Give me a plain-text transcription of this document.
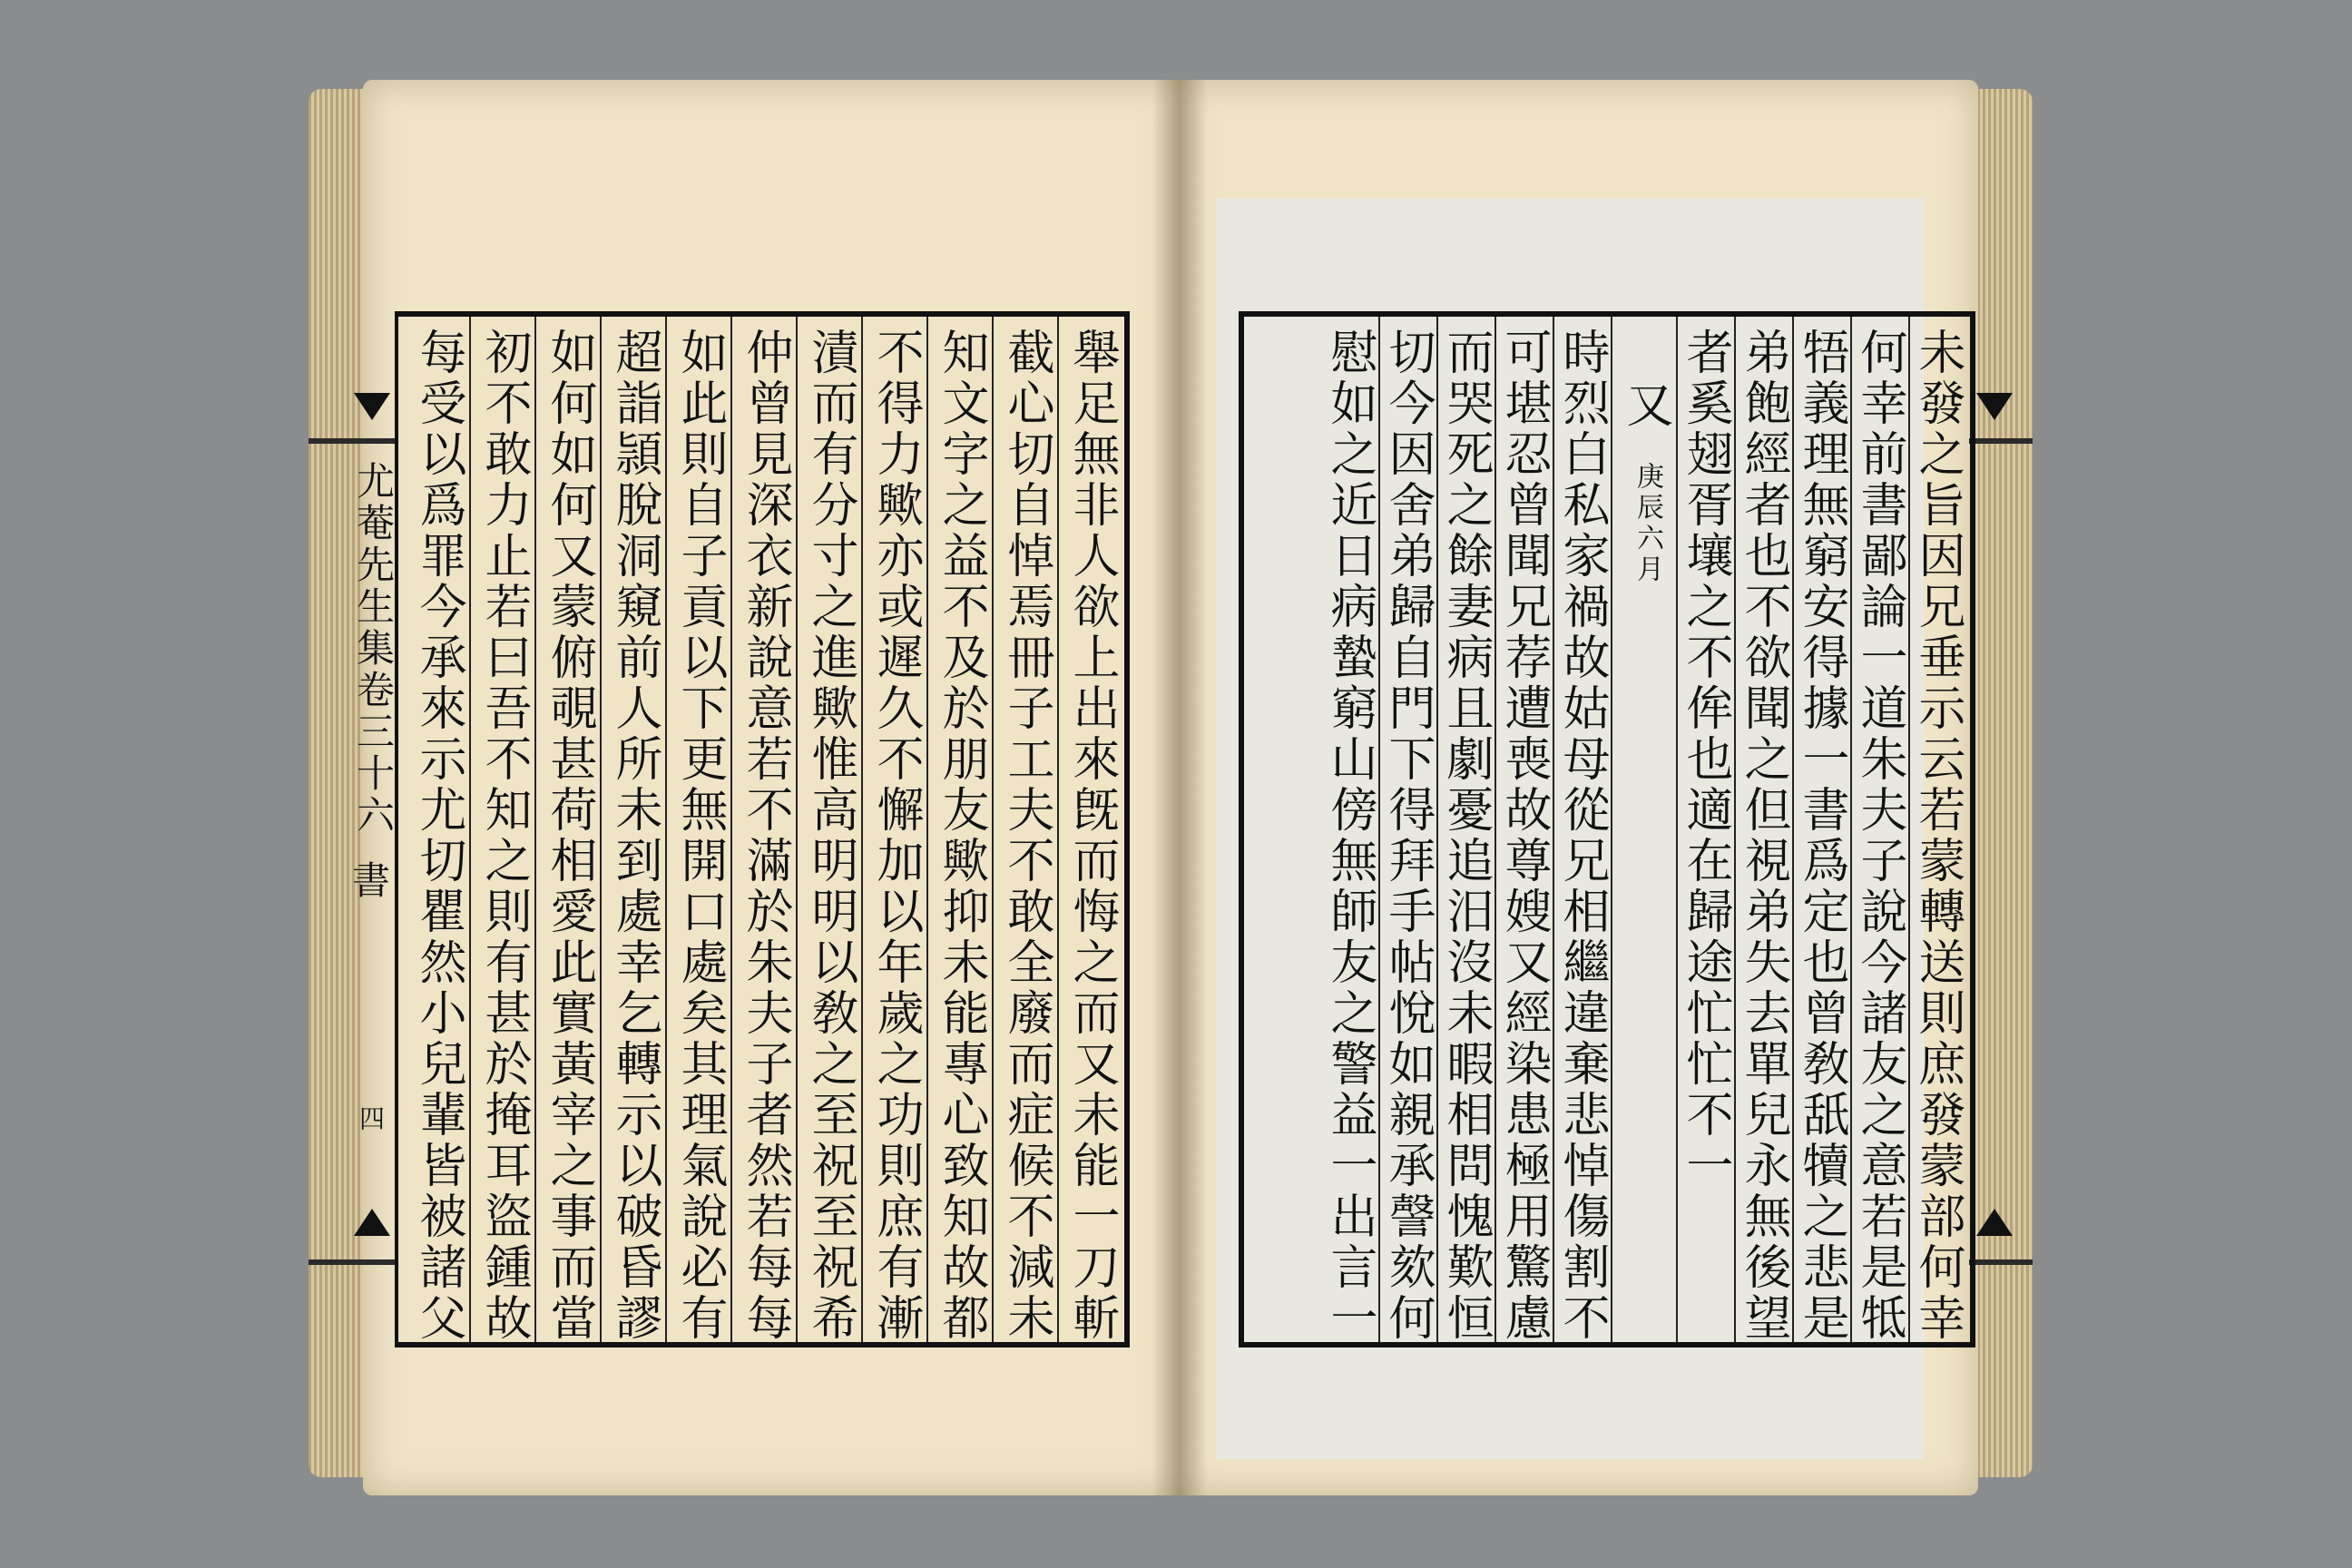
舉足無非人欲上出來旣而悔之而又未能一刀斬
截心切自悼焉冊子工夫不敢全廢而症候不減未
知文字之益不及於朋友歟抑未能專心致知故都
不得力歟亦或遲久不懈加以年歲之功則庶有漸
漬而有分寸之進歟惟高明明以敎之至祝至祝希
仲曾見深衣新說意若不滿於朱夫子者然若每每
如此則自子貢以下更無開口處矣其理氣說必有
超詣頴脫洞窺前人所未到處幸乞轉示以破昏謬
如何如何又蒙俯覗甚荷相愛此實黃宰之事而當
初不敢力止若曰吾不知之則有甚於掩耳盜鍾故
每受以爲罪今承來示尤切瞿然小兒輩皆被諸父
尤菴先生集卷三十六
書
四	未發之旨因兄垂示云若蒙轉送則庶發蒙部何幸
何幸前書鄙論一道朱夫子說今諸友之意若是牴
牾義理無窮安得據一書爲定也曾敎舐犢之悲是
弟飽經者也不欲聞之但視弟失去單兒永無後望
者奚翅胥壤之不侔也適在歸途忙忙不一
又
庚辰六月
時烈白私家禍故姑母從兄相繼違棄悲悼傷割不
可堪忍曾聞兄荐遭喪故尊嫂又經染患極用驚慮
而哭死之餘妻病且劇憂追汨沒未暇相問愧歎恒
切今因舍弟歸自門下得拜手帖悅如親承謦欬何
慰如之近日病蟄窮山傍無師友之警益一出言一
